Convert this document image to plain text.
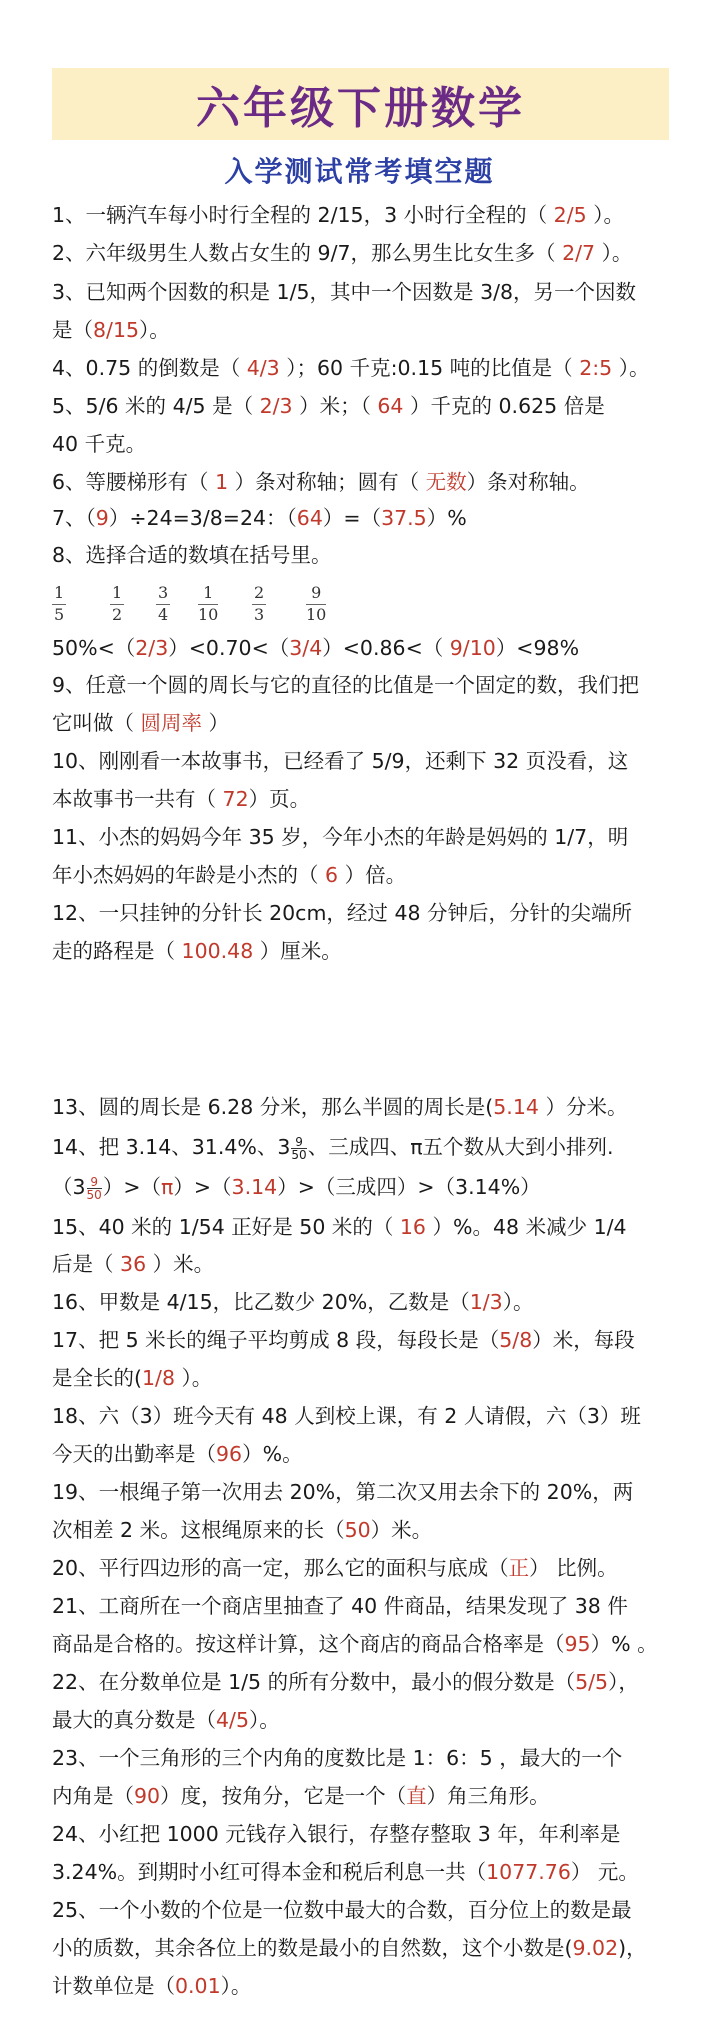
六年级下册数学
入学测试常考填空题
1、一辆汽车每小时行全程的 2/15，3 小时行全程的（ 2/5 ）。
2、六年级男生人数占女生的 9/7，那么男生比女生多（ 2/7 ）。
3、已知两个因数的积是 1/5，其中一个因数是 3/8，另一个因数
是（8/15）。
4、0.75 的倒数是（ 4/3 ）；60 千克:0.15 吨的比值是（ 2:5 ）。
5、5/6 米的 4/5 是（ 2/3 ）米；（ 64 ）千克的 0.625 倍是
40 千克。
6、等腰梯形有（ 1 ）条对称轴；圆有（ 无数）条对称轴。
7、（9）÷24=3/8=24：（64）=（37.5）%
8、选择合适的数填在括号里。
1
5
1
2
3
4
1
10
2
3
9
10
50%<（2/3）<0.70<（3/4）<0.86<（ 9/10）<98%
9、任意一个圆的周长与它的直径的比值是一个固定的数，我们把
它叫做（ 圆周率 ）
10、刚刚看一本故事书，已经看了 5/9，还剩下 32 页没看，这
本故事书一共有（ 72）页。
11、小杰的妈妈今年 35 岁，今年小杰的年龄是妈妈的 1/7，明
年小杰妈妈的年龄是小杰的（ 6 ）倍。
12、一只挂钟的分针长 20cm，经过 48 分钟后，分针的尖端所
走的路程是（ 100.48 ）厘米。
13、圆的周长是 6.28 分米，那么半圆的周长是(5.14 ）分米。
14、把 3.14、31.4%、$3 \frac{9}{50}$ 、三成四、π五个数从大到小排列.
$(3 \frac{9}{50} )>(\pi)>(3.14)>$（三成四）>（3.14%）
15、40 米的 1/54 正好是 50 米的（ 16 ）%。48 米减少 1/4
后是（ 36 ）米。
16、甲数是 4/15，比乙数少 20%，乙数是（1/3）。
17、把 5 米长的绳子平均剪成 8 段，每段长是（5/8）米，每段
是全长的(1/8 ）。
18、六（3）班今天有 48 人到校上课，有 2 人请假，六（3）班
今天的出勤率是（96）%。
19、一根绳子第一次用去 20%，第二次又用去余下的 20%，两
次相差 2 米。这根绳原来的长（50）米。
20、平行四边形的高一定，那么它的面积与底成（正） 比例。
21、工商所在一个商店里抽查了 40 件商品，结果发现了 38 件
商品是合格的。按这样计算，这个商店的商品合格率是（95）% 。
22、在分数单位是 1/5 的所有分数中，最小的假分数是（5/5），
最大的真分数是（4/5）。
23、一个三角形的三个内角的度数比是 1：6：5 ，最大的一个
内角是（90）度，按角分，它是一个（直）角三角形。
24、小红把 1000 元钱存入银行，存整存整取 3 年，年利率是
3.24%。到期时小红可得本金和税后利息一共（1077.76） 元。
25、一个小数的个位是一位数中最大的合数，百分位上的数是最
小的质数，其余各位上的数是最小的自然数，这个小数是(9.02)，
计数单位是（0.01）。
